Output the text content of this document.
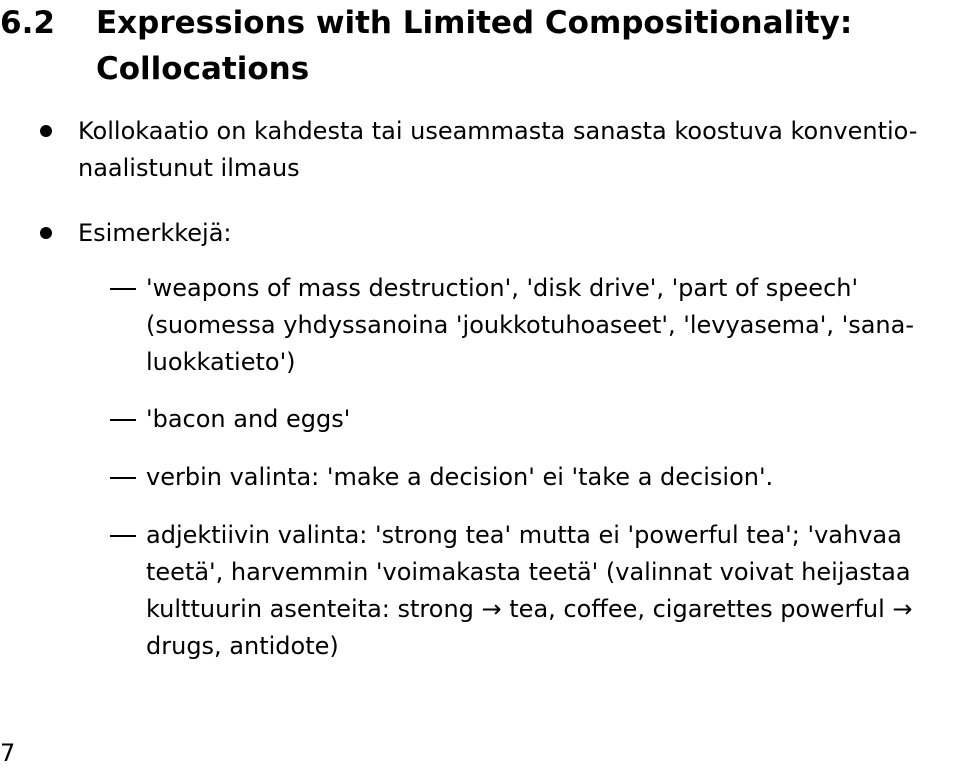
6.2 Expressions with Limited Compositionality:
Collocations
Kollokaatio on kahdesta tai useammasta sanasta koostuva konventio-
naalistunut ilmaus
Esimerkkejä:
'weapons of mass destruction', 'disk drive', 'part of speech'
(suomessa yhdyssanoina 'joukkotuhoaseet', 'levyasema', 'sana-
luokkatieto')
'bacon and eggs'
verbin valinta: 'make a decision' ei 'take a decision'.
adjektiivin valinta: 'strong tea' mutta ei 'powerful tea'; 'vahvaa
teetä', harvemmin 'voimakasta teetä' (valinnat voivat heijastaa
kulttuurin asenteita: strong → tea, coffee, cigarettes powerful →
drugs, antidote)
7
